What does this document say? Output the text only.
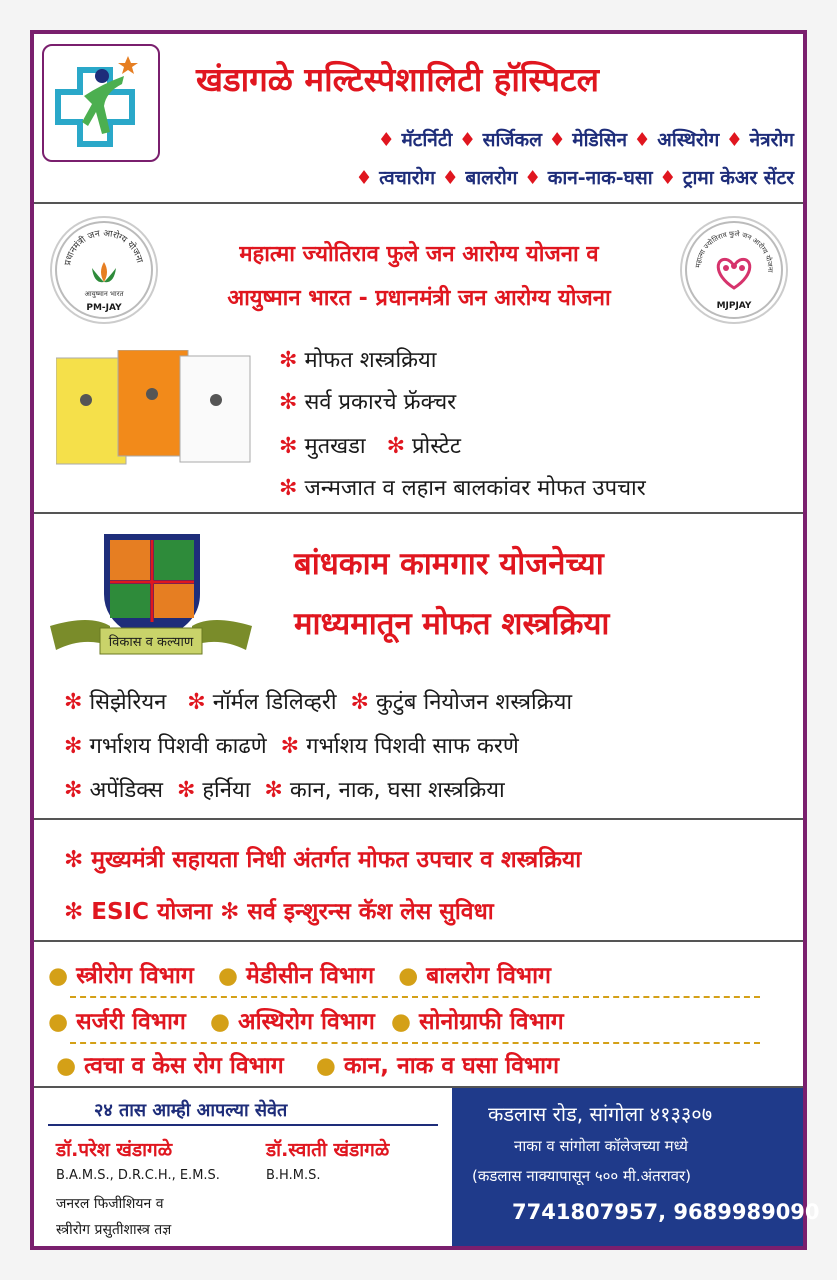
खंडागळे मल्टिस्पेशालिटी हॉस्पिटल
♦ मॅटर्निटी ♦ सर्जिकल ♦ मेडिसिन ♦ अस्थिरोग ♦ नेत्ररोग
♦ त्वचारोग ♦ बालरोग ♦ कान-नाक-घसा ♦ ट्रामा केअर सेंटर
प्रधानमंत्री जन आरोग्य योजना
आयुष्मान भारत
PM-JAY
महात्मा ज्योतिराव फुले जन आरोग्य योजना
MJPJAY
महात्मा ज्योतिराव फुले जन आरोग्य योजना व
आयुष्मान भारत - प्रधानमंत्री जन आरोग्य योजना
✻ मोफत शस्त्रक्रिया
✻ सर्व प्रकारचे फ्रॅक्चर
✻ मुतखडा   ✻ प्रोस्टेट
✻ जन्मजात व लहान बालकांवर मोफत उपचार
विकास व कल्याण
बांधकाम कामगार योजनेच्या
माध्यमातून मोफत शस्त्रक्रिया
✻ सिझेरियन   ✻ नॉर्मल डिलिव्हरी  ✻ कुटुंब नियोजन शस्त्रक्रिया
✻ गर्भाशय पिशवी काढणे  ✻ गर्भाशय पिशवी साफ करणे
✻ अपेंडिक्स  ✻ हर्निया  ✻ कान, नाक, घसा शस्त्रक्रिया
✻ मुख्यमंत्री सहायता निधी अंतर्गत मोफत उपचार व शस्त्रक्रिया
✻ ESIC योजना ✻ सर्व इन्शुरन्स कॅश लेस सुविधा
● स्त्रीरोग विभाग   ● मेडीसीन विभाग   ● बालरोग विभाग
● सर्जरी विभाग   ● अस्थिरोग विभाग  ● सोनोग्राफी विभाग
● त्वचा व केस रोग विभाग    ● कान, नाक व घसा विभाग
२४ तास आम्ही आपल्या सेवेत
डॉ.परेश खंडागळे
B.A.M.S., D.R.C.H., E.M.S.
जनरल फिजीशियन व
स्त्रीरोग प्रसुतीशास्त्र तज्ञ
डॉ.स्वाती खंडागळे
B.H.M.S.
कडलास रोड, सांगोला ४१३३०७
नाका व सांगोला कॉलेजच्या मध्ये
(कडलास नाक्यापासून ५०० मी.अंतरावर)
7741807957, 9689989090
